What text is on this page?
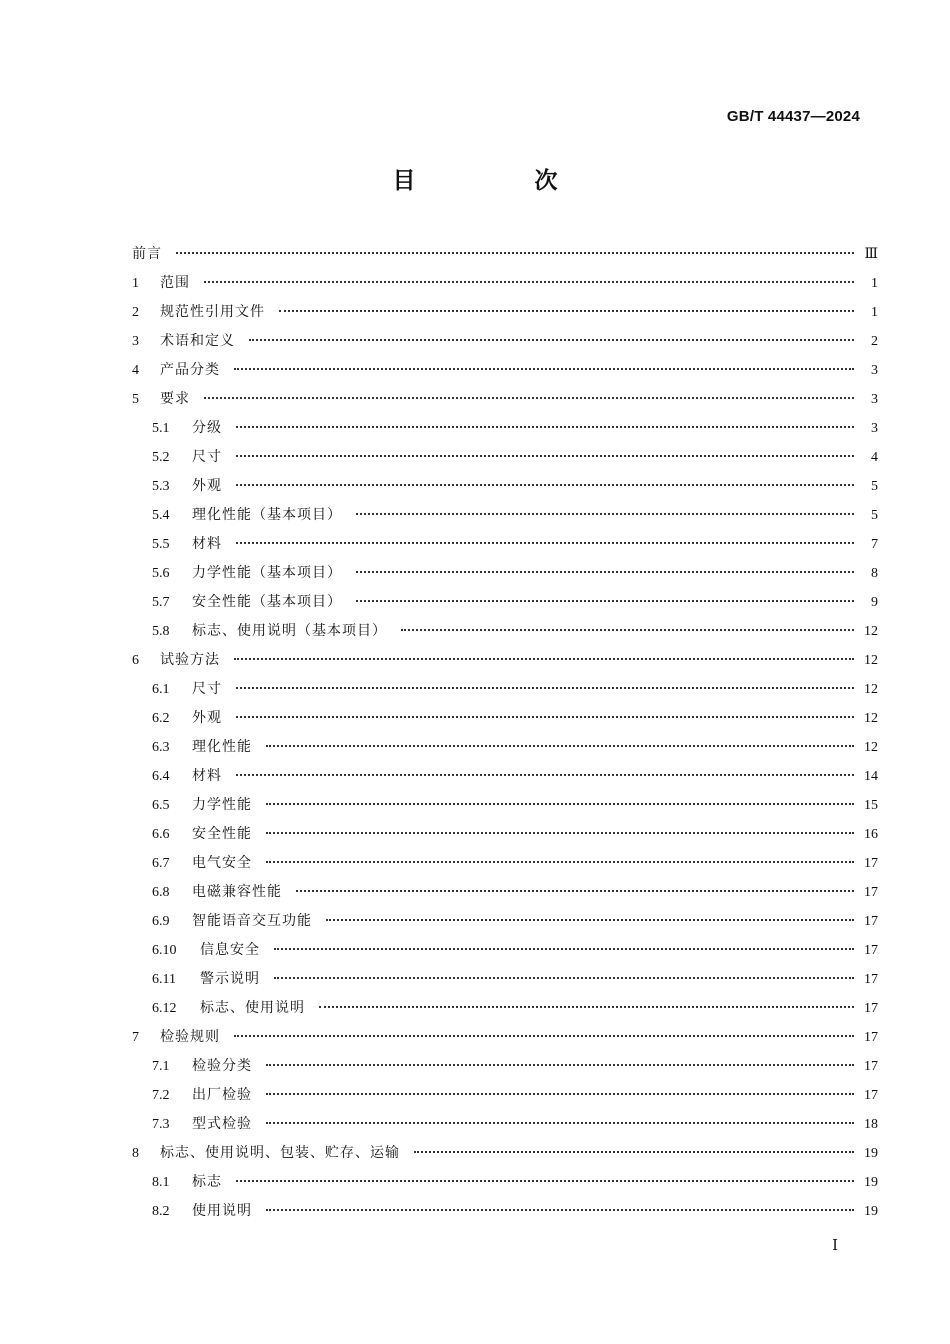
GB/T 44437—2024
目　次
前言	Ⅲ
1	范围	1
2	规范性引用文件	1
3	术语和定义	2
4	产品分类	3
5	要求	3
5.1	分级	3
5.2	尺寸	4
5.3	外观	5
5.4	理化性能（基本项目）	5
5.5	材料	7
5.6	力学性能（基本项目）	8
5.7	安全性能（基本项目）	9
5.8	标志、使用说明（基本项目）	12
6	试验方法	12
6.1	尺寸	12
6.2	外观	12
6.3	理化性能	12
6.4	材料	14
6.5	力学性能	15
6.6	安全性能	16
6.7	电气安全	17
6.8	电磁兼容性能	17
6.9	智能语音交互功能	17
6.10	信息安全	17
6.11	警示说明	17
6.12	标志、使用说明	17
7	检验规则	17
7.1	检验分类	17
7.2	出厂检验	17
7.3	型式检验	18
8	标志、使用说明、包装、贮存、运输	19
8.1	标志	19
8.2	使用说明	19
Ⅰ
